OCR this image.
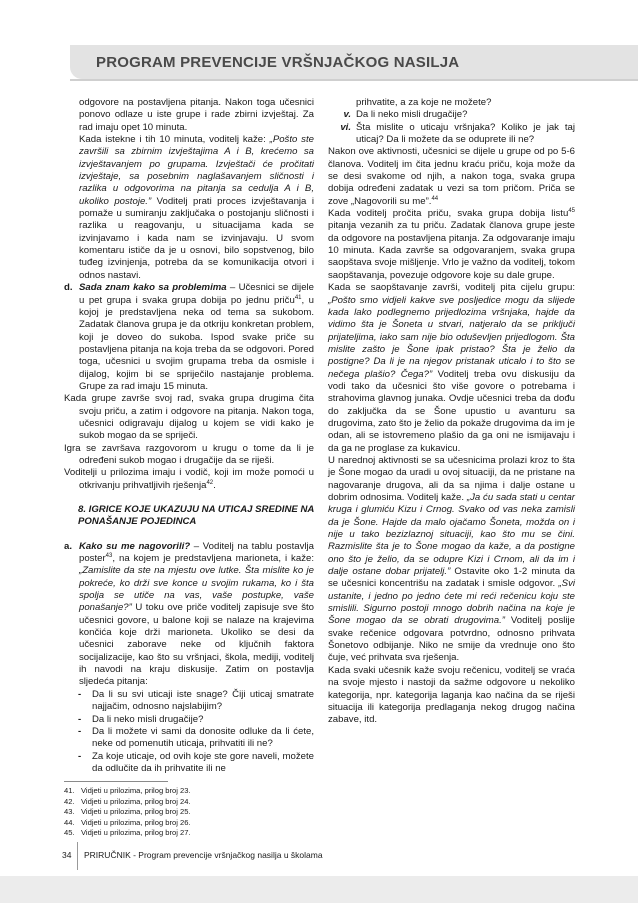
PROGRAM PREVENCIJE VRŠNJAČKOG NASILJA

odgovore na postavljena pitanja. Nakon toga učesnici ponovo odlaze u iste grupe i rade zbirni izvještaj. Za rad imaju opet 10 minuta.

Kada istekne i tih 10 minuta, voditelj kaže: „Pošto ste završili sa zbirnim izvještajima A i B, krećemo sa izvještavanjem po grupama. Izvještači će pročitati izvještaje, sa posebnim naglašavanjem sličnosti i razlika u odgovorima na pitanja sa cedulja A i B, ukoliko postoje.” Voditelj prati proces izvještavanja i pomaže u sumiranju zaključaka o postojanju sličnosti i razlika u reagovanju, u situacijama kada se izvinjavamo i kada nam se izvinjavaju. U svom komentaru ističe da je u osnovi, bilo sopstvenog, bilo tuđeg izvinjenja, potreba da se komunikacija otvori i odnos nastavi.

d. Sada znam kako sa problemima – Učesnici se dijele u pet grupa i svaka grupa dobija po jednu priču$^{41}$, u kojoj je predstavljena neka od tema sa sukobom. Zadatak članova grupa je da otkriju konkretan problem, koji je doveo do sukoba. Ispod svake priče su postavljena pitanja na koja treba da se odgovori. Pored toga, učesnici u svojim grupama treba da osmisle i dijalog, kojim bi se spriječilo nastajanje problema. Grupe za rad imaju 15 minuta.

Kada grupe završe svoj rad, svaka grupa drugima čita svoju priču, a zatim i odgovore na pitanja. Nakon toga, učesnici odigravaju dijalog u kojem se vidi kako je sukob mogao da se spriječi.

Igra se završava razgovorom u krugu o tome da li je određeni sukob mogao i drugačije da se riješi.

Voditelji u prilozima imaju i vodič, koji im može pomoći u otkrivanju prihvatljivih rješenja$^{42}$.

8. IGRICE KOJE UKAZUJU NA UTICAJ SREDINE NA PONAŠANJE POJEDINCA

a. Kako su me nagovorili? – Voditelj na tablu postavlja poster$^{43}$, na kojem je predstavljena marioneta, i kaže: „Zamislite da ste na mjestu ove lutke. Šta mislite ko je pokreće, ko drži sve konce u svojim rukama, ko i šta spolja se utiče na vas, vaše postupke, vaše ponašanje?” U toku ove priče voditelj zapisuje sve što učesnici govore, u balone koji se nalaze na krajevima končića koje drži marioneta. Ukoliko se desi da učesnici zaborave neke od ključnih faktora socijalizacije, kao što su vršnjaci, škola, mediji, voditelj ih navodi na kraju diskusije. Zatim on postavlja sljedeća pitanja:

-	Da li su svi uticaji iste snage? Čiji uticaj smatrate najjačim, odnosno najslabijim?
-	Da li neko misli drugačije?
-	Da li možete vi sami da donosite odluke da li ćete, neke od pomenutih uticaja, prihvatiti ili ne?
-	Za koje uticaje, od ovih koje ste gore naveli, možete da odlučite da ih prihvatite ili ne

prihvatite, a za koje ne možete?

v. Da li neko misli drugačije?
vi. Šta mislite o uticaju vršnjaka? Koliko je jak taj uticaj? Da li možete da se oduprete ili ne?

Nakon ove aktivnosti, učesnici se dijele u grupe od po 5-6 članova. Voditelj im čita jednu kraću priču, koja može da se desi svakome od njih, a nakon toga, svaka grupa dobija određeni zadatak u vezi sa tom pričom. Priča se zove „Nagovorili su me”.$^{44}$

Kada voditelj pročita priču, svaka grupa dobija listu$^{45}$ pitanja vezanih za tu priču. Zadatak članova grupe jeste da odgovore na postavljena pitanja. Za odgovaranje imaju 10 minuta. Kada završe sa odgovaranjem, svaka grupa saopštava svoje mišljenje. Vrlo je važno da voditelj, tokom saopštavanja, povezuje odgovore koje su dale grupe.

Kada se saopštavanje završi, voditelj pita cijelu grupu: „Pošto smo vidjeli kakve sve posljedice mogu da slijede kada lako podlegnemo prijedlozima vršnjaka, hajde da vidimo šta je Šoneta u stvari, natjeralo da se priključi prijateljima, iako sam nije bio oduševljen prijedlogom. Šta mislite zašto je Šone ipak pristao? Šta je želio da postigne? Da li je na njegov pristanak uticalo i to što se nečega plašio? Čega?” Voditelj treba ovu diskusiju da vodi tako da učesnici što više govore o potrebama i strahovima glavnog junaka. Ovdje učesnici treba da dođu do zaključka da se Šone upustio u avanturu sa drugovima, zato što je želio da pokaže drugovima da im je odan, ali se istovremeno plašio da ga oni ne ismijavaju i da ga ne proglase za kukavicu.

U narednoj aktivnosti se sa učesnicima prolazi kroz to šta je Šone mogao da uradi u ovoj situaciji, da ne pristane na nagovaranje drugova, ali da sa njima i dalje ostane u dobrim odnosima. Voditelj kaže. „Ja ću sada stati u centar kruga i glumiću Kizu i Crnog. Svako od vas neka zamisli da je Šone. Hajde da malo ojačamo Šoneta, možda on i nije u tako bezizlaznoj situaciji, kao što mu se čini. Razmislite šta je to Šone mogao da kaže, a da postigne ono što je želio, da se odupre Kizi i Crnom, ali da im i dalje ostane dobar prijatelj.” Ostavite oko 1-2 minuta da se učesnici koncentrišu na zadatak i smisle odgovor. „Svi ustanite, i jedno po jedno ćete mi reći rečenicu koju ste smislili. Sigurno postoji mnogo dobrih načina na koje je Šone mogao da se obrati drugovima.” Voditelj poslije svake rečenice odgovara potvrdno, odnosno prihvata Šonetovo odbijanje. Niko ne smije da vrednuje ono što čuje, već prihvata sva rješenja.

Kada svaki učesnik kaže svoju rečenicu, voditelj se vraća na svoje mjesto i nastoji da sažme odgovore u nekoliko kategorija, npr. kategorija laganja kao načina da se riješi situacija ili kategorija predlaganja nekog drugog načina zabave, itd.

41. Vidjeti u prilozima, prilog broj 23.
42. Vidjeti u prilozima, prilog broj 24.
43. Vidjeti u prilozima, prilog broj 25.
44. Vidjeti u prilozima, prilog broj 26.
45. Vidjeti u prilozima, prilog broj 27.
34 PRIRUČNIK - Program prevencije vršnjačkog nasilja u školama
